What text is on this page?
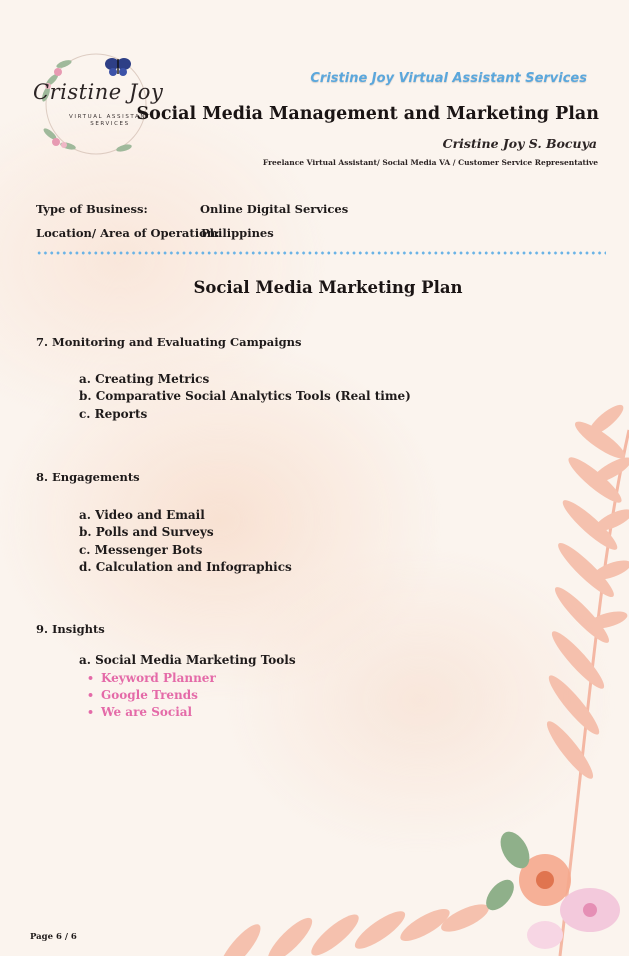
Cristine Joy
VIRTUAL ASSISTANT
SERVICES
Cristine Joy Virtual Assistant Services
Social Media Management and Marketing Plan
Cristine Joy S. Bocuya
Freelance Virtual Assistant/ Social Media VA / Customer Service Representative
Type of Business:	Online Digital Services
Location/ Area of Operation:
Philippines
Social Media Marketing Plan
7. Monitoring and Evaluating Campaigns
a. Creating Metrics
b. Comparative Social Analytics Tools (Real time)
c. Reports
8. Engagements
a. Video and Email
b. Polls and Surveys
c. Messenger Bots
d. Calculation and Infographics
9. Insights
a. Social Media Marketing Tools
• Keyword Planner
• Google Trends
• We are Social
Page 6 / 6
